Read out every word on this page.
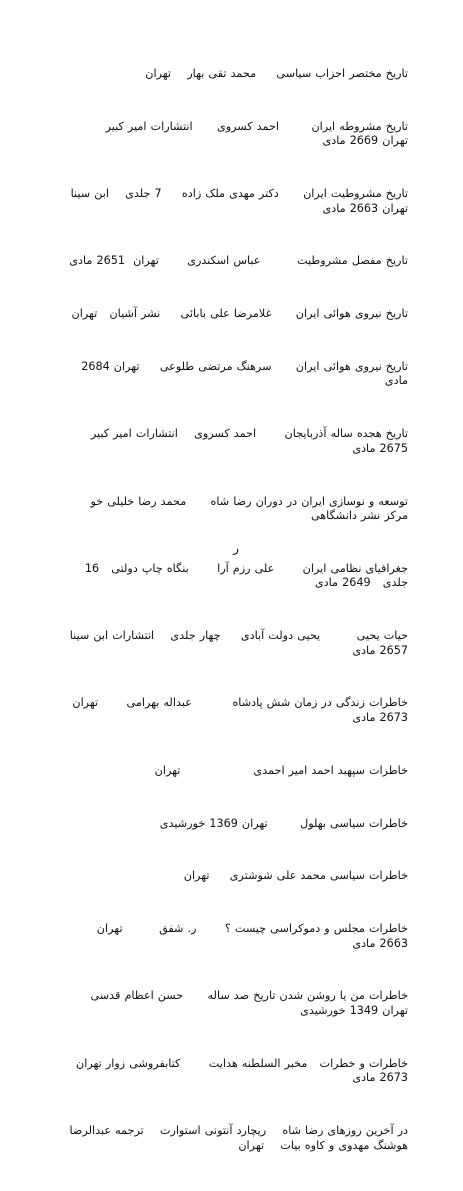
تاریخ مختصر احزاب سیاسی     محمد تقی بهار    تهران

تاریخ مشروطه ایران        احمد کسروی      انتشارات امیر کبیر    تهران 2669 مادی

تاریخ مشروطیت ایران      دکتر مهدی ملک زاده     7 جلدی    ابن سینا تهران 2663 مادی

تاریخ مفصل مشروطیت         عباس اسکندری       تهران  2651 مادی

تاریخ نیروی هوائی ایران      غلامرضا علی بابائی     نشر آشیان   تهران

تاریخ نیروی هوائی ایران      سرهنگ مرتضی طلوعی     تهران 2684 مادی

تاریخ هجده ساله آذربایجان       احمد کسروی    انتشارات امیر کبیر      2675 مادی

توسعه و نوسازی ایران در دوران رضا شاه      محمد رضا خلیلی خو       مرکز نشر دانشگاهی

جغرافیای نظامی ایران       علی رزم آرا       بنگاه چاپ دولتی   16 جلدی   2649 مادی

حیات یحیی         یحیی دولت آبادی     چهار جلدی    انتشارات ابن سینا      2657 مادی

خاطرات زندگی در زمان شش پادشاه          عبداله بهرامی       تهران 2673 مادی

خاطرات سپهبد احمد امیر احمدی                  تهران

خاطرات سیاسی بهلول        تهران 1369 خورشیدی

خاطرات سیاسی محمد علی شوشتری     تهران

خاطرات مجلس و دموکراسی چیست ؟       ر. شفق         تهران 2663 مادی

خاطرات من یا روشن شدن تاریخ صد ساله      حسن اعظام قدسی    تهران 1349 خورشیدی

خاطرات و خطرات   مخبر السلطنه هدایت       کتابفروشی زوار تهران 2673 مادی

در آخرین روزهای رضا شاه    ریچارد آنتونی استوارت    ترجمه عبدالرضا هوشنگ مهدوی و کاوه بیات    تهران

ر
